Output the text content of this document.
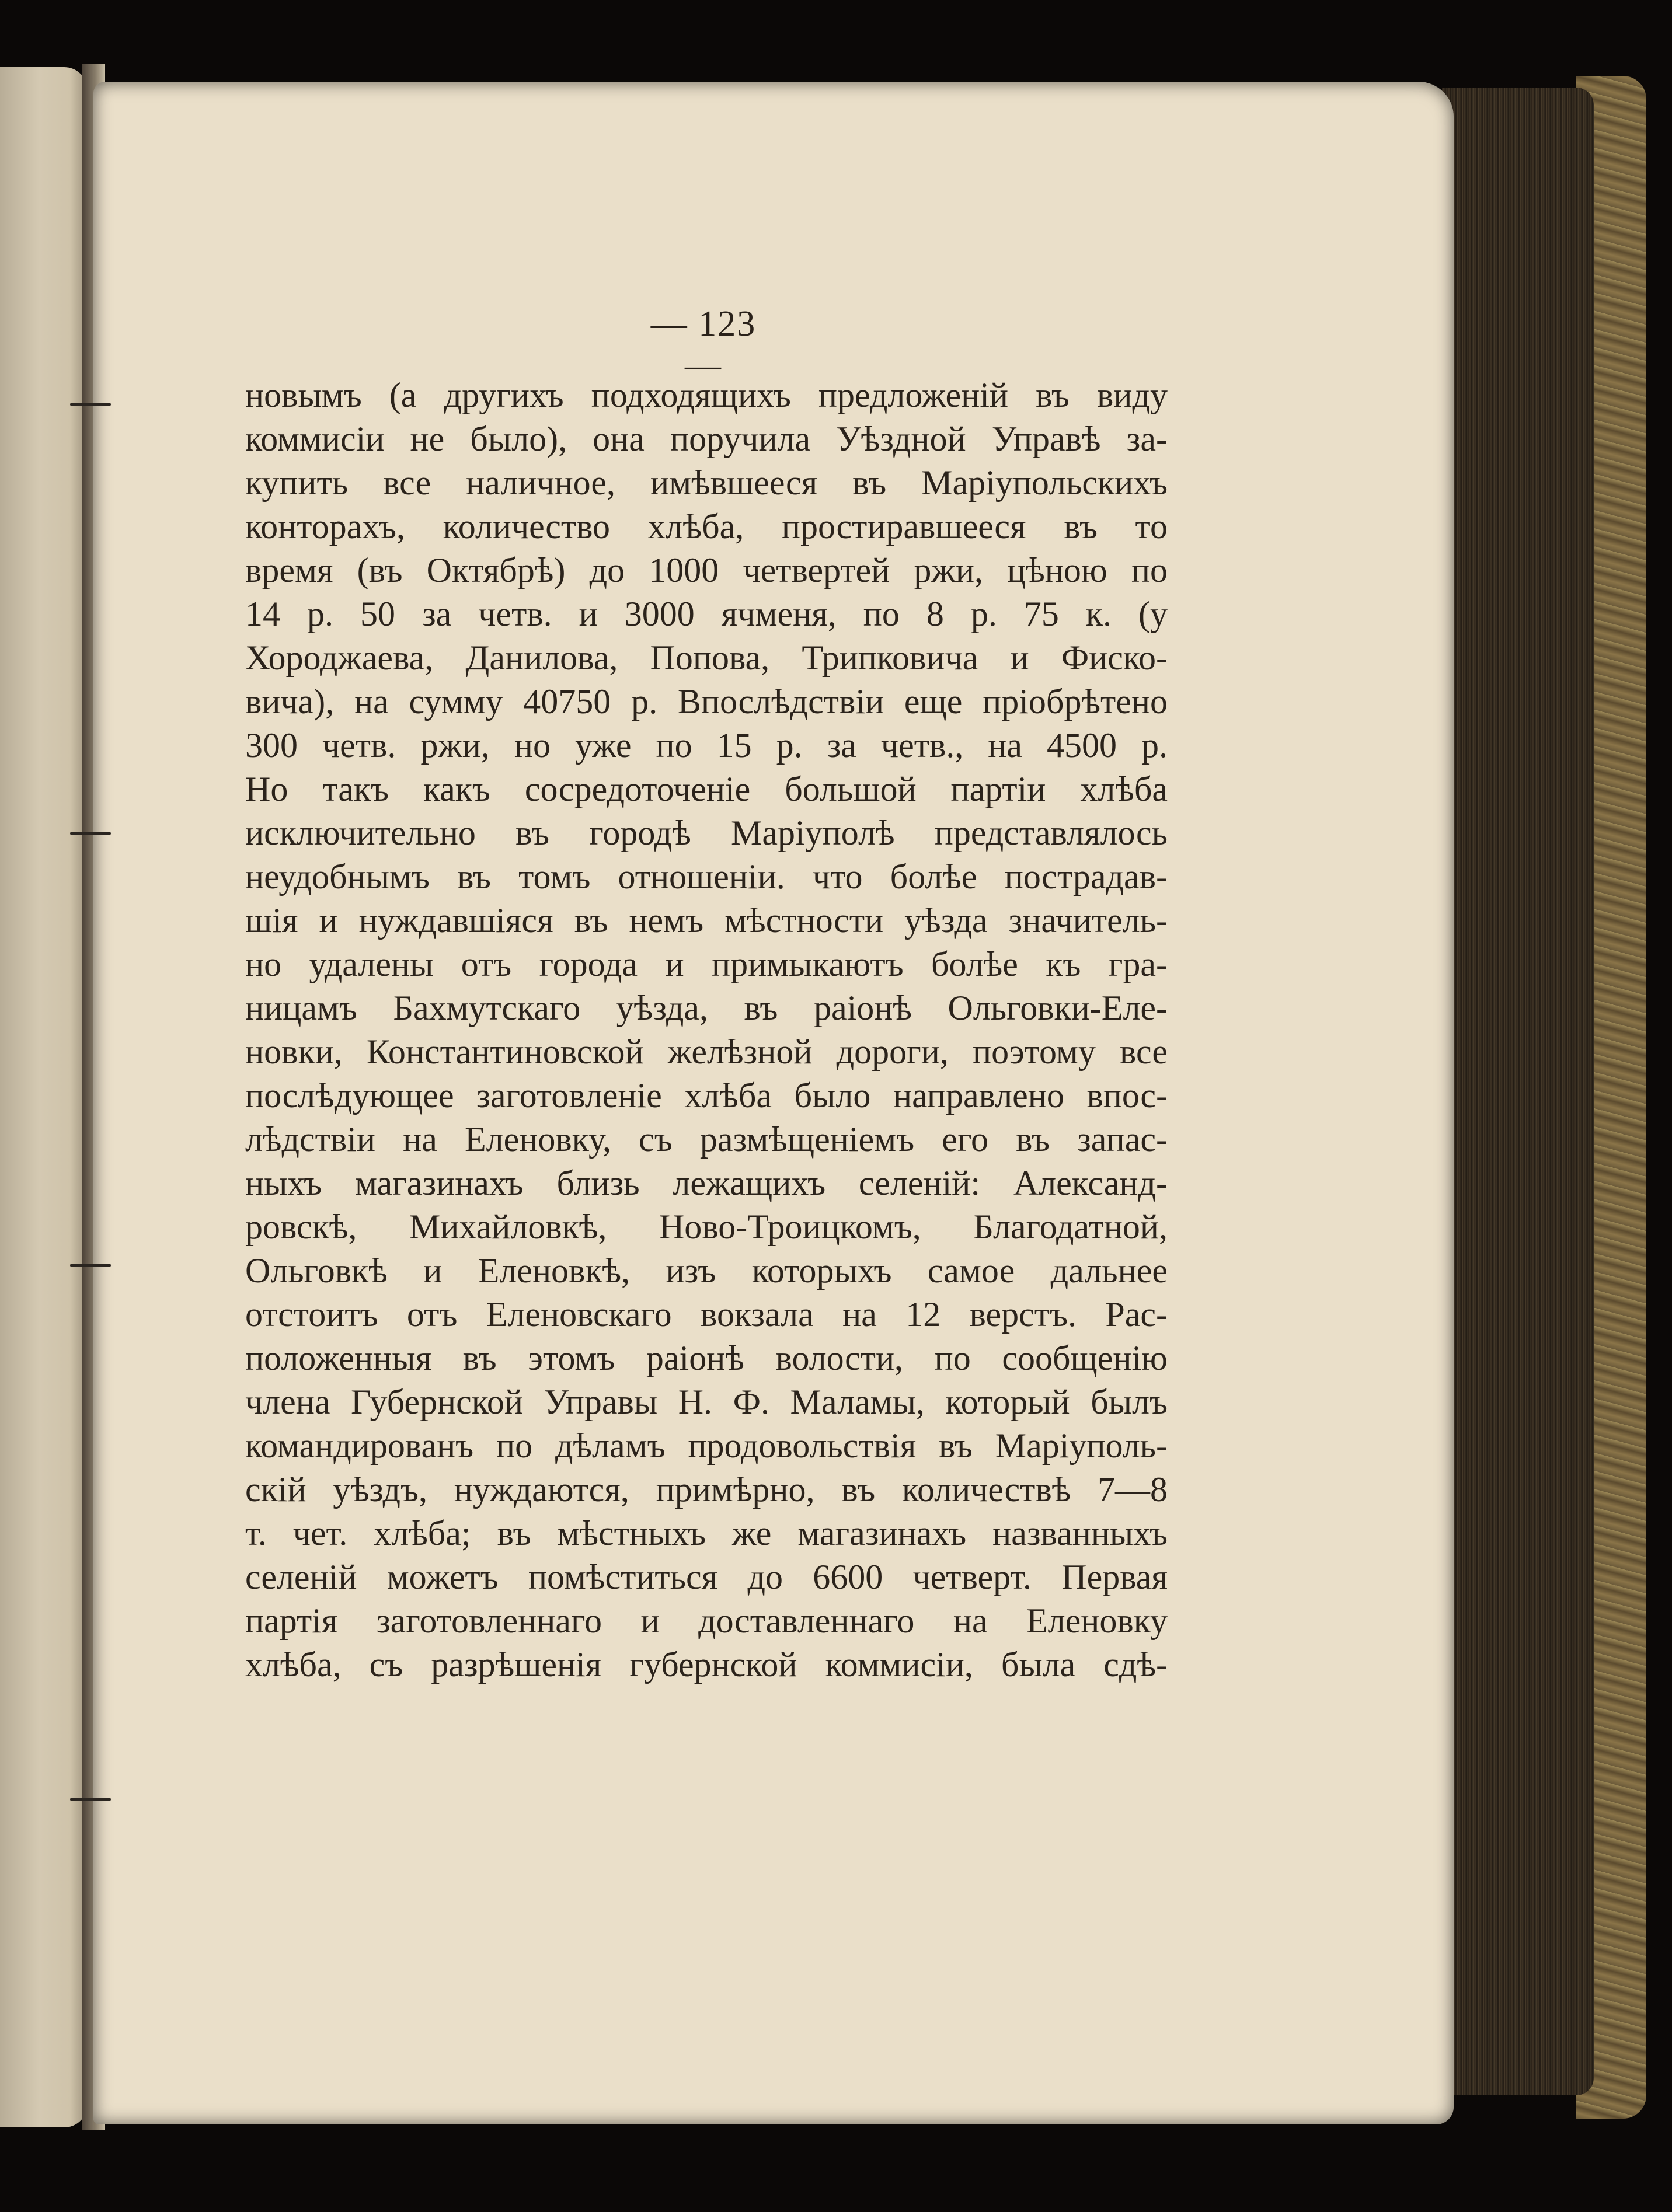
— 123 —
новымъ (а другихъ подходящихъ предложеній въ виду
коммисіи не было), она поручила Уѣздной Управѣ за-
купить все наличное, имѣвшееся въ Маріупольскихъ
конторахъ, количество хлѣба, простиравшееся въ то
время (въ Октябрѣ) до 1000 четвертей ржи, цѣною по
14 р. 50 за четв. и 3000 ячменя, по 8 р. 75 к. (у
Хороджаева, Данилова, Попова, Трипковича и Фиско-
вича), на сумму 40750 р. Впослѣдствіи еще пріобрѣтено
300 четв. ржи, но уже по 15 р. за четв., на 4500 р.
Но такъ какъ сосредоточеніе большой партіи хлѣба
исключительно въ городѣ Маріуполѣ представлялось
неудобнымъ въ томъ отношеніи. что болѣе пострадав-
шія и нуждавшіяся въ немъ мѣстности уѣзда значитель-
но удалены отъ города и примыкаютъ болѣе къ гра-
ницамъ Бахмутскаго уѣзда, въ раіонѣ Ольговки-Еле-
новки, Константиновской желѣзной дороги, поэтому все
послѣдующее заготовленіе хлѣба было направлено впос-
лѣдствіи на Еленовку, съ размѣщеніемъ его въ запас-
ныхъ магазинахъ близь лежащихъ селеній: Александ-
ровскѣ, Михайловкѣ, Ново-Троицкомъ, Благодатной,
Ольговкѣ и Еленовкѣ, изъ которыхъ самое дальнее
отстоитъ отъ Еленовскаго вокзала на 12 верстъ. Рас-
положенныя въ этомъ раіонѣ волости, по сообщенію
члена Губернской Управы Н. Ф. Маламы, который былъ
командированъ по дѣламъ продовольствія въ Маріуполь-
скій уѣздъ, нуждаются, примѣрно, въ количествѣ 7—8
т. чет. хлѣба; въ мѣстныхъ же магазинахъ названныхъ
селеній можетъ помѣститься до 6600 четверт. Первая
партія заготовленнаго и доставленнаго на Еленовку
хлѣба, съ разрѣшенія губернской коммисіи, была сдѣ-
